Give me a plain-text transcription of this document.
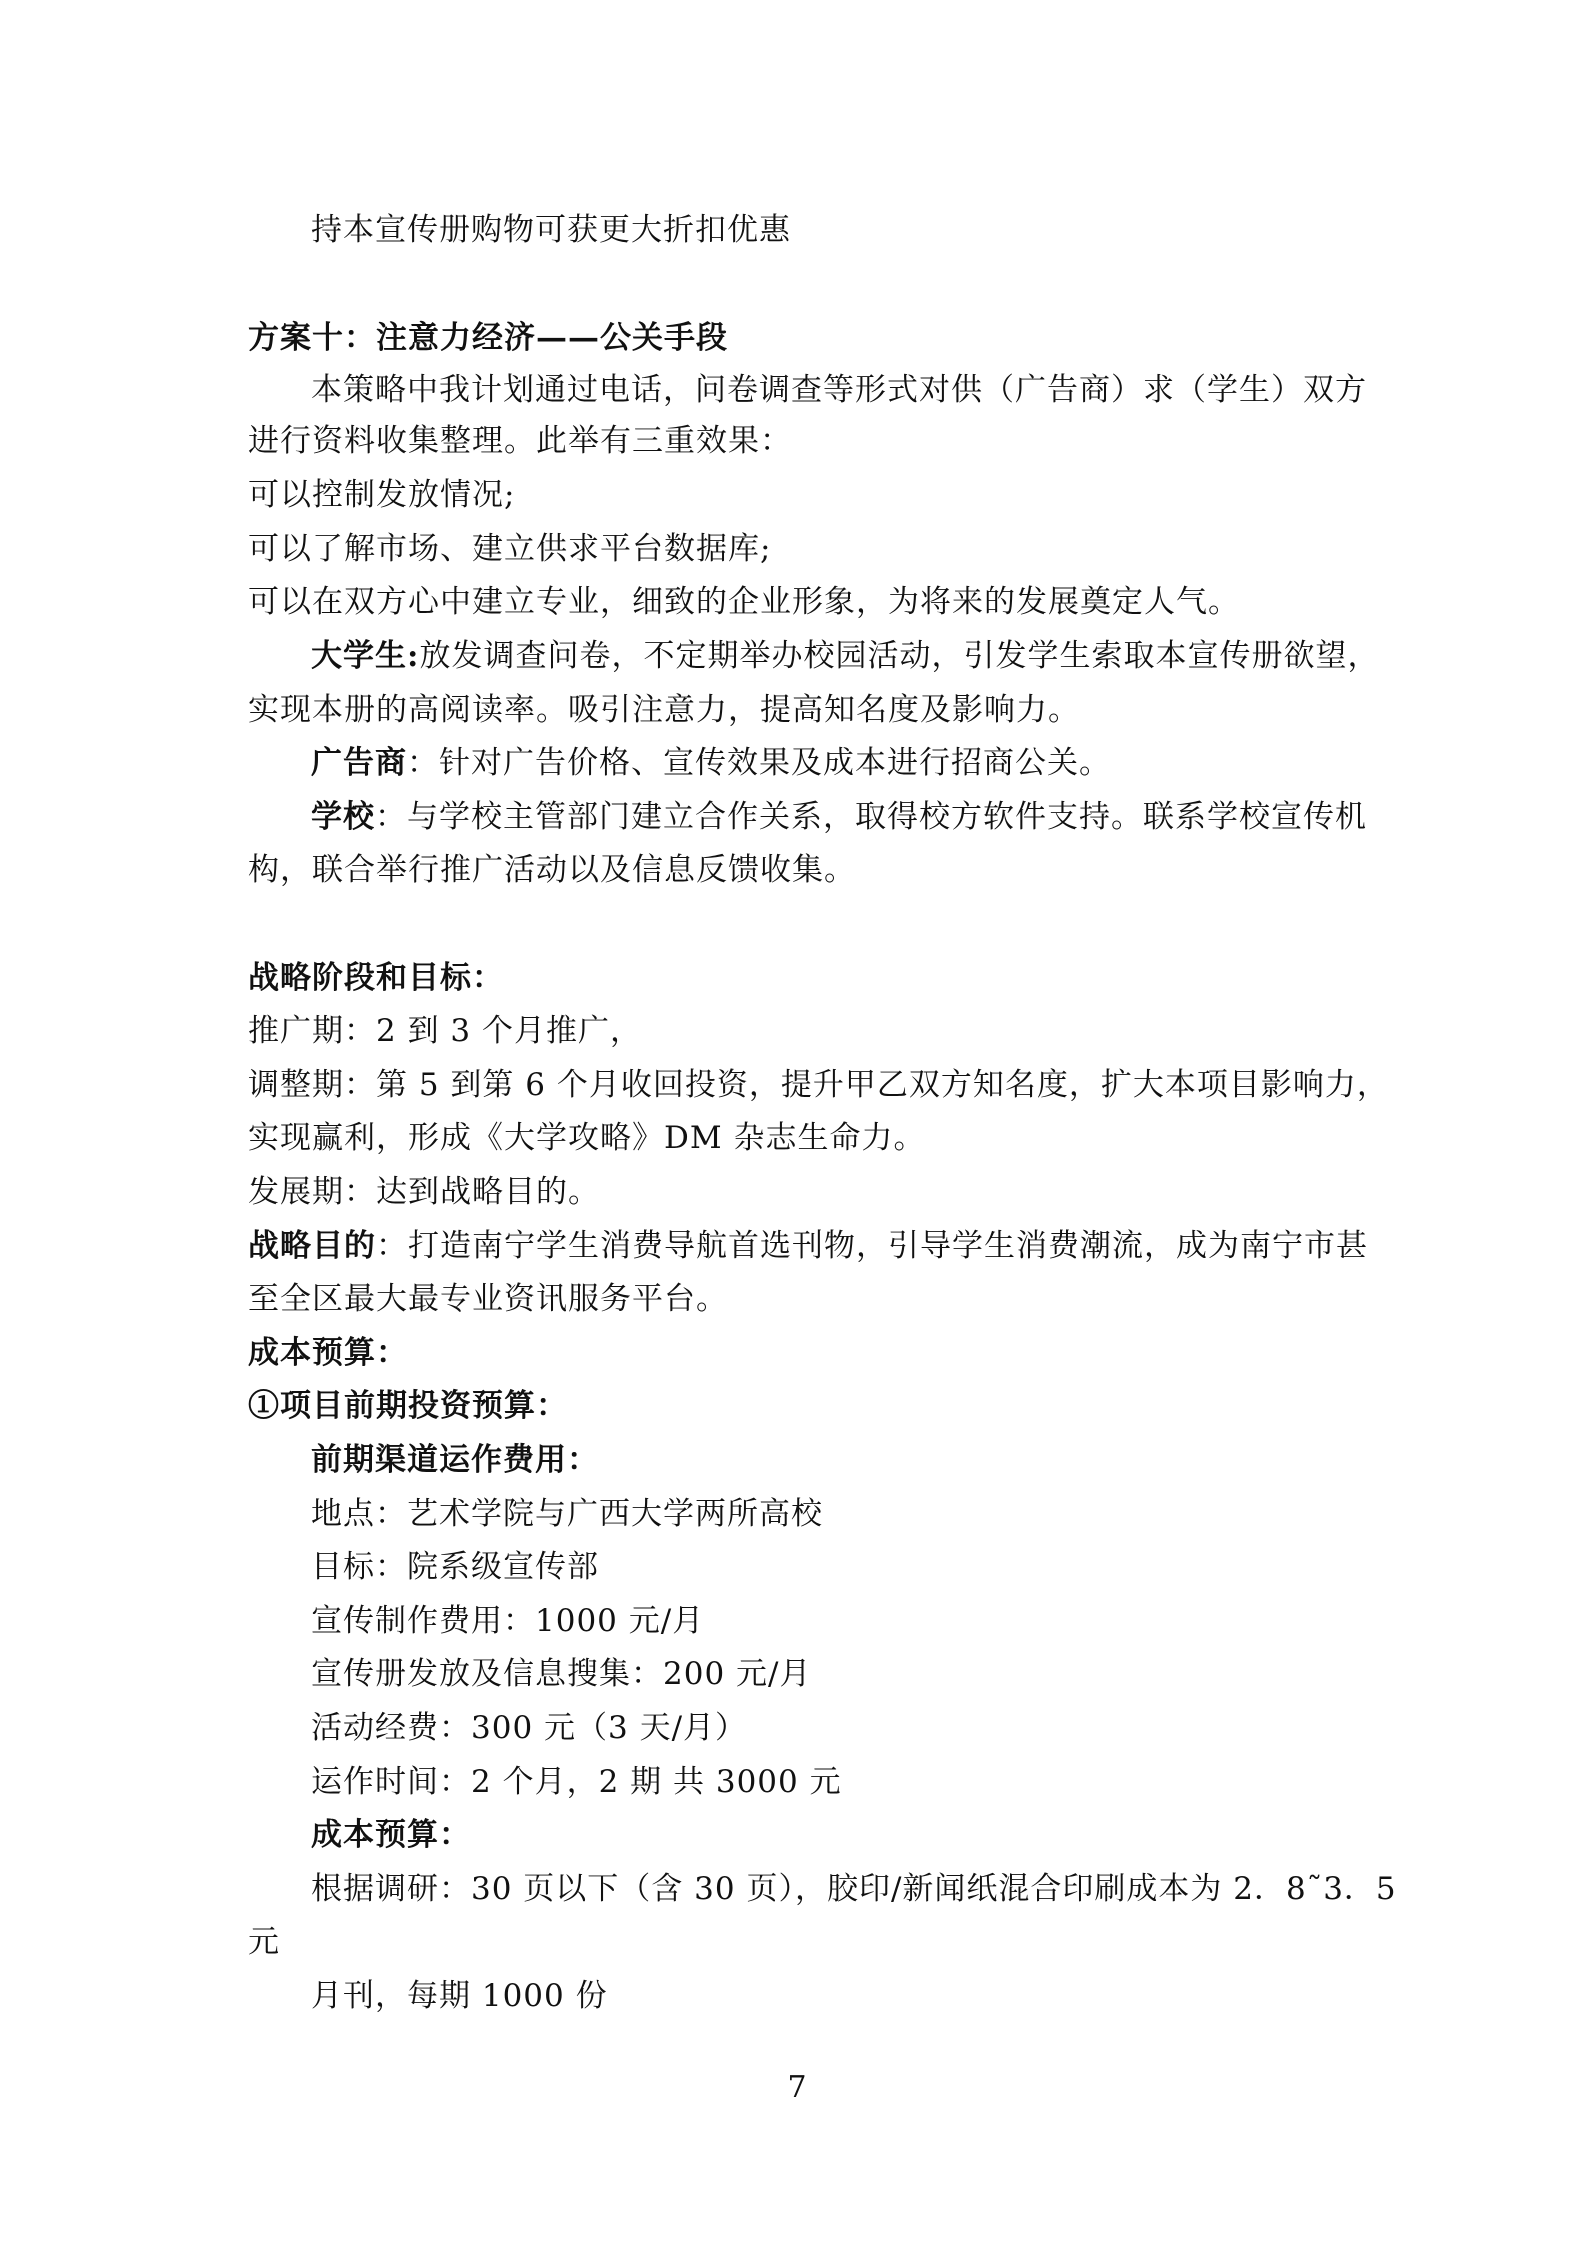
持本宣传册购物可获更大折扣优惠
方案十：注意力经济——公关手段
本策略中我计划通过电话，问卷调查等形式对供（广告商）求（学生）双方
进行资料收集整理。此举有三重效果：
可以控制发放情况;
可以了解市场、建立供求平台数据库;
可以在双方心中建立专业，细致的企业形象，为将来的发展奠定人气。
大学生:放发调查问卷，不定期举办校园活动，引发学生索取本宣传册欲望，
实现本册的高阅读率。吸引注意力，提高知名度及影响力。
广告商：针对广告价格、宣传效果及成本进行招商公关。
学校：与学校主管部门建立合作关系，取得校方软件支持。联系学校宣传机
构，联合举行推广活动以及信息反馈收集。
战略阶段和目标：
推广期：2 到 3 个月推广，
调整期：第 5 到第 6 个月收回投资，提升甲乙双方知名度，扩大本项目影响力，
实现赢利，形成《大学攻略》DM 杂志生命力。
发展期：达到战略目的。
战略目的：打造南宁学生消费导航首选刊物，引导学生消费潮流，成为南宁市甚
至全区最大最专业资讯服务平台。
成本预算：
①项目前期投资预算：
前期渠道运作费用：
地点：艺术学院与广西大学两所高校
目标：院系级宣传部
宣传制作费用：1000 元/月
宣传册发放及信息搜集：200 元/月
活动经费：300 元（3 天/月）
运作时间：2 个月，2 期 共 3000 元
成本预算：
根据调研：30 页以下（含 30 页），胶印/新闻纸混合印刷成本为 2．8˜3．5
元
月刊，每期 1000 份
7
